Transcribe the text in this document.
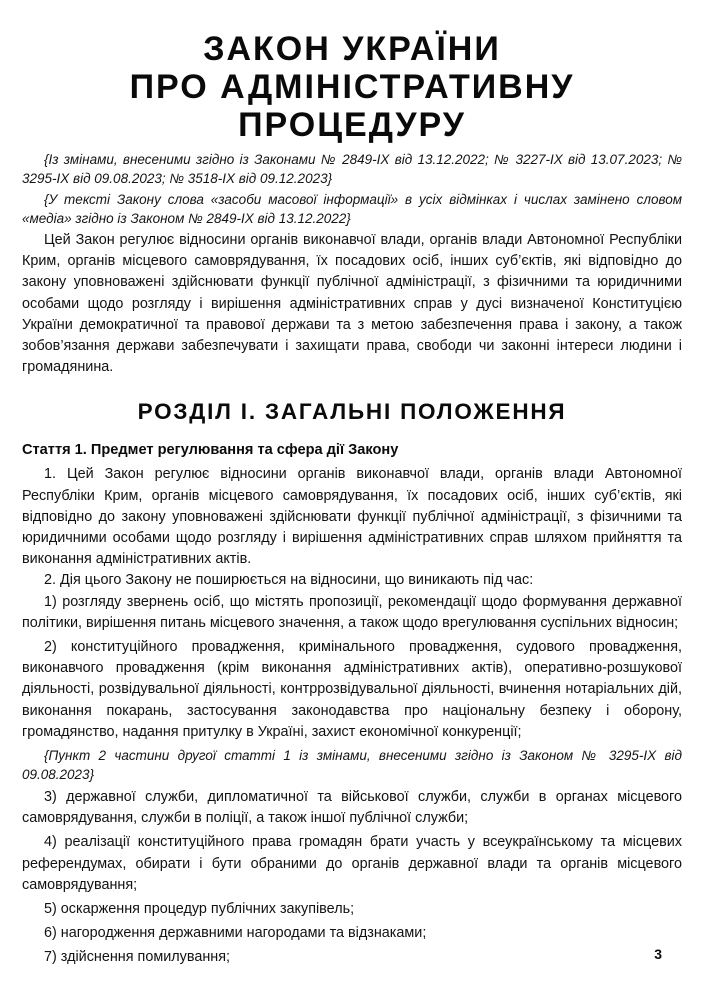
ЗАКОН УКРАЇНИ
ПРО АДМІНІСТРАТИВНУ
ПРОЦЕДУРУ

{Із змінами, внесеними згідно із Законами № 2849-IX від 13.12.2022; № 3227-IX від 13.07.2023; № 3295-IX від 09.08.2023; № 3518-IX від 09.12.2023}

{У тексті Закону слова «засоби масової інформації» в усіх відмінках і числах замінено словом «медіа» згідно із Законом № 2849-IX від 13.12.2022}

Цей Закон регулює відносини органів виконавчої влади, органів влади Автономної Республіки Крим, органів місцевого самоврядування, їх посадових осіб, інших суб’єктів, які відповідно до закону уповноважені здійснювати функції публічної адміністрації, з фізичними та юридичними особами щодо розгляду і вирішення адміністративних справ у дусі визначеної Конституцією України демократичної та правової держави та з метою забезпечення права і закону, а також зобов’язання держави забезпечувати і захищати права, свободи чи законні інтереси людини і громадянина.

РОЗДІЛ I. ЗАГАЛЬНІ ПОЛОЖЕННЯ
Стаття 1. Предмет регулювання та сфера дії Закону

1. Цей Закон регулює відносини органів виконавчої влади, органів влади Автономної Республіки Крим, органів місцевого самоврядування, їх посадових осіб, інших суб’єктів, які відповідно до закону уповноважені здійснювати функції публічної адміністрації, з фізичними та юридичними особами щодо розгляду і вирішення адміністративних справ шляхом прийняття та виконання адміністративних актів.

2. Дія цього Закону не поширюється на відносини, що виникають під час:

1) розгляду звернень осіб, що містять пропозиції, рекомендації щодо формування державної політики, вирішення питань місцевого значення, а також щодо врегулювання суспільних відносин;

2) конституційного провадження, кримінального провадження, судового провадження, виконавчого провадження (крім виконання адміністративних актів), оперативно-розшукової діяльності, розвідувальної діяльності, контррозвідувальної діяльності, вчинення нотаріальних дій, виконання покарань, застосування законодавства про національну безпеку і оборону, громадянство, надання притулку в Україні, захист економічної конкуренції;

{Пункт 2 частини другої статті 1 із змінами, внесеними згідно із Законом № 3295-IX від 09.08.2023}

3) державної служби, дипломатичної та військової служби, служби в органах місцевого самоврядування, служби в поліції, а також іншої публічної служби;

4) реалізації конституційного права громадян брати участь у всеукраїнському та місцевих референдумах, обирати і бути обраними до органів державної влади та органів місцевого самоврядування;

5) оскарження процедур публічних закупівель;

6) нагородження державними нагородами та відзнаками;

7) здійснення помилування;	3
